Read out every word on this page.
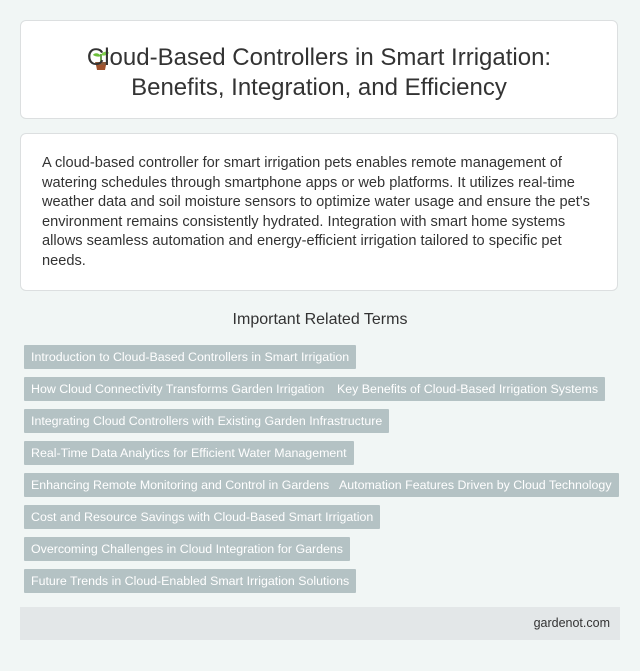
Cloud-Based Controllers in Smart Irrigation:
Benefits, Integration, and Efficiency

A cloud-based controller for smart irrigation pets enables remote management of watering schedules through smartphone apps or web platforms. It utilizes real-time weather data and soil moisture sensors to optimize water usage and ensure the pet's environment remains consistently hydrated. Integration with smart home systems allows seamless automation and energy-efficient irrigation tailored to specific pet needs.

Important Related Terms
Introduction to Cloud-Based Controllers in Smart Irrigation
How Cloud Connectivity Transforms Garden Irrigation	Key Benefits of Cloud-Based Irrigation Systems
Integrating Cloud Controllers with Existing Garden Infrastructure
Real-Time Data Analytics for Efficient Water Management
Enhancing Remote Monitoring and Control in Gardens Automation Features Driven by Cloud Technology
Cost and Resource Savings with Cloud-Based Smart Irrigation
Overcoming Challenges in Cloud Integration for Gardens
Future Trends in Cloud-Enabled Smart Irrigation Solutions
gardenot.com
